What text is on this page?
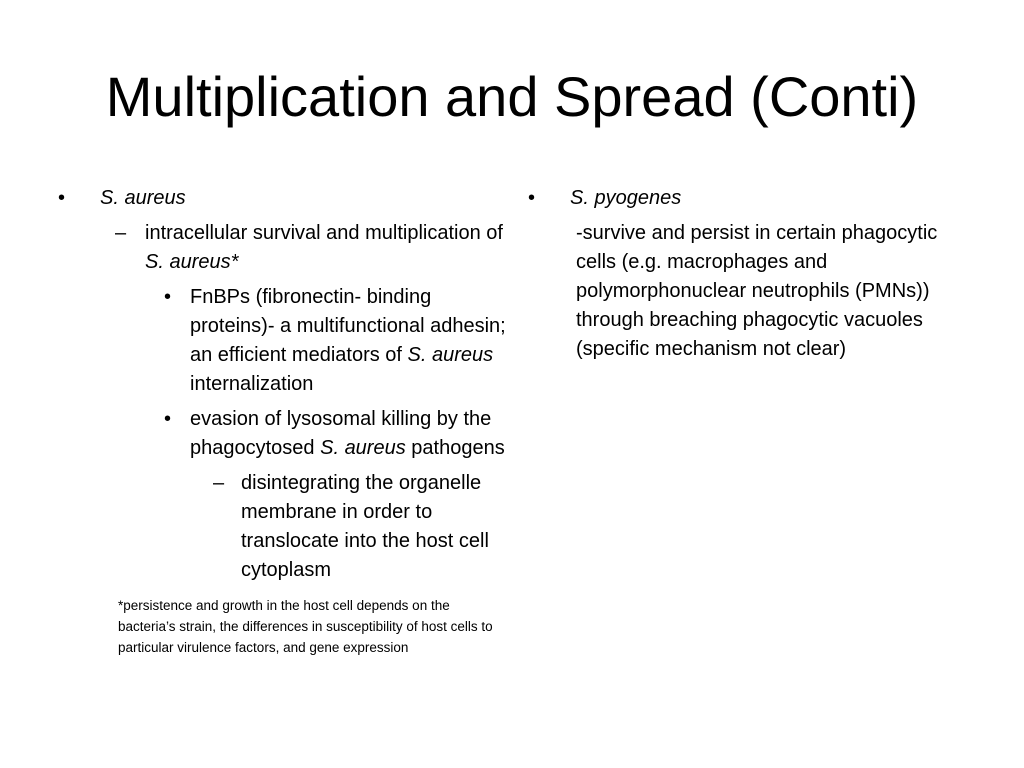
Multiplication and Spread (Conti)
• S. aureus
– intracellular survival and multiplication of S. aureus*
• FnBPs (fibronectin- binding proteins)- a multifunctional adhesin; an efficient mediators of S. aureus internalization
• evasion of lysosomal killing by the phagocytosed S. aureus pathogens
– disintegrating the organelle membrane in order to translocate into the host cell cytoplasm
*persistence and growth in the host cell depends on the bacteria’s strain, the differences in susceptibility of host cells to particular virulence factors, and gene expression
• S. pyogenes
-survive and persist in certain phagocytic cells (e.g. macrophages and polymorphonuclear neutrophils (PMNs)) through breaching phagocytic vacuoles (specific mechanism not clear)
